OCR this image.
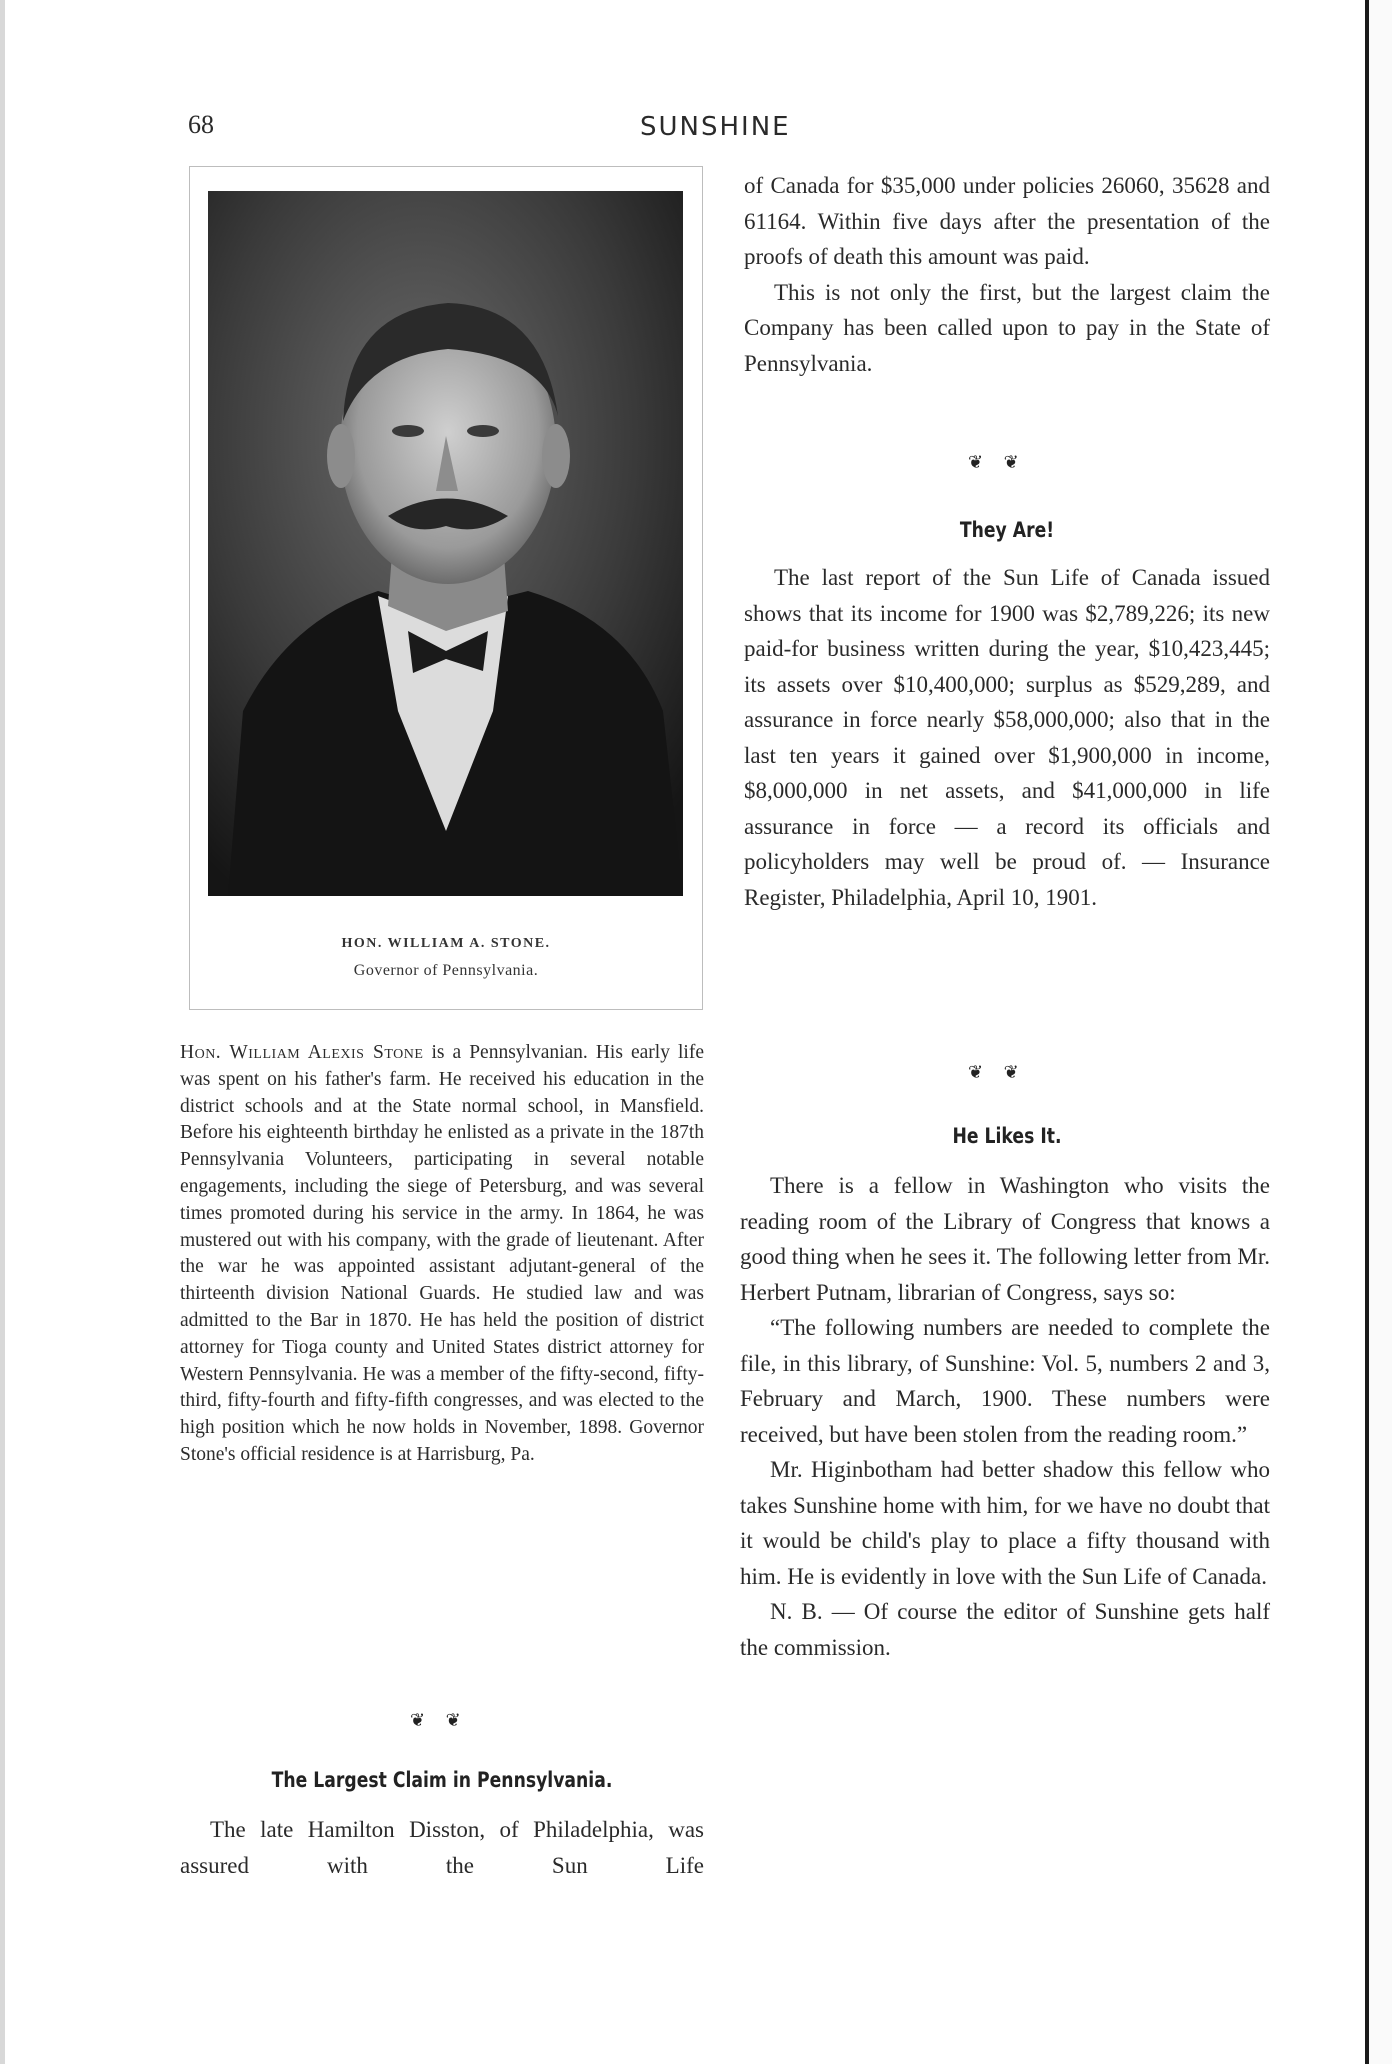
68	SUNSHINE
HON. WILLIAM A. STONE.
Governor of Pennsylvania.

Hon. William Alexis Stone is a Pennsylvanian. His early life was spent on his father's farm. He received his education in the district schools and at the State normal school, in Mansfield. Before his eighteenth birthday he enlisted as a private in the 187th Pennsylvania Volunteers, participating in several notable engagements, including the siege of Petersburg, and was several times promoted during his service in the army. In 1864, he was mustered out with his company, with the grade of lieutenant. After the war he was appointed assistant adjutant-general of the thirteenth division National Guards. He studied law and was admitted to the Bar in 1870. He has held the position of district attorney for Tioga county and United States district attorney for Western Pennsylvania. He was a member of the fifty-second, fifty-third, fifty-fourth and fifty-fifth congresses, and was elected to the high position which he now holds in November, 1898. Governor Stone's official residence is at Harrisburg, Pa.

❦ ❦
The Largest Claim in Pennsylvania.

The late Hamilton Disston, of Philadelphia, was assured with the Sun Life

of Canada for $35,000 under policies 26060, 35628 and 61164. Within five days after the presentation of the proofs of death this amount was paid.

This is not only the first, but the largest claim the Company has been called upon to pay in the State of Pennsylvania.

❦ ❦
They Are!

The last report of the Sun Life of Canada issued shows that its income for 1900 was $2,789,226; its new paid-for business written during the year, $10,423,445; its assets over $10,400,000; surplus as $529,289, and assurance in force nearly $58,000,000; also that in the last ten years it gained over $1,900,000 in income, $8,000,000 in net assets, and $41,000,000 in life assurance in force — a record its officials and policyholders may well be proud of. — Insurance Register, Philadelphia, April 10, 1901.

❦ ❦
He Likes It.

There is a fellow in Washington who visits the reading room of the Library of Congress that knows a good thing when he sees it. The following letter from Mr. Herbert Putnam, librarian of Congress, says so:

“The following numbers are needed to complete the file, in this library, of Sunshine: Vol. 5, numbers 2 and 3, February and March, 1900. These numbers were received, but have been stolen from the reading room.”

Mr. Higinbotham had better shadow this fellow who takes Sunshine home with him, for we have no doubt that it would be child's play to place a fifty thousand with him. He is evidently in love with the Sun Life of Canada.

N. B. — Of course the editor of Sunshine gets half the commission.
